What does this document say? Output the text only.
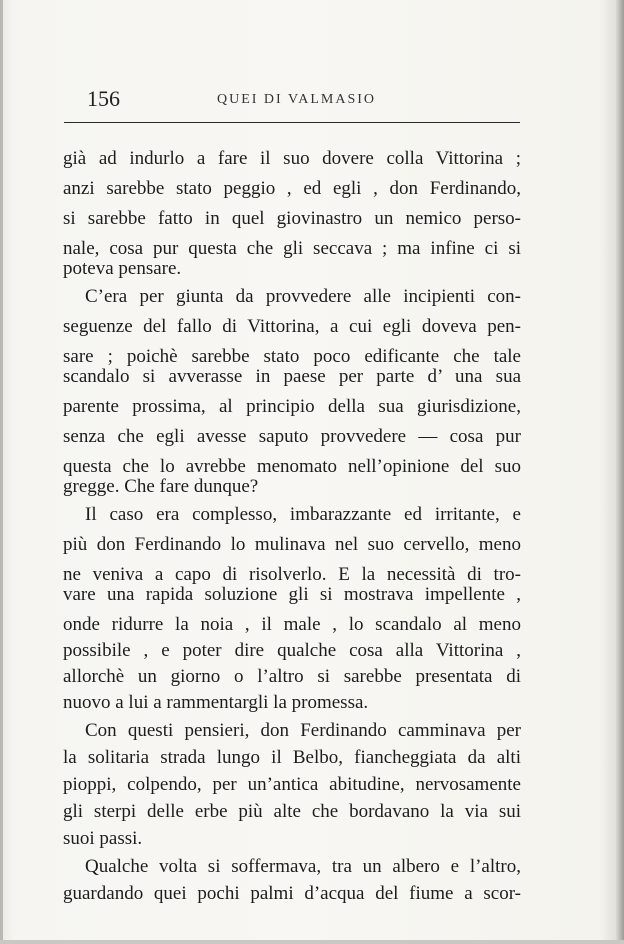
156	QUEI DI VALMASIO
già ad indurlo a fare il suo dovere colla Vittorina ;
anzi sarebbe stato peggio , ed egli , don Ferdinando,
si sarebbe fatto in quel giovinastro un nemico perso-
nale, cosa pur questa che gli seccava ; ma infine ci si
poteva pensare.
C’era per giunta da provvedere alle incipienti con-
seguenze del fallo di Vittorina, a cui egli doveva pen-
sare ; poichè sarebbe stato poco edificante che tale
scandalo si avverasse in paese per parte d’ una sua
parente prossima, al principio della sua giurisdizione,
senza che egli avesse saputo provvedere — cosa pur
questa che lo avrebbe menomato nell’opinione del suo
gregge. Che fare dunque?
Il caso era complesso, imbarazzante ed irritante, e
più don Ferdinando lo mulinava nel suo cervello, meno
ne veniva a capo di risolverlo. E la necessità di tro-
vare una rapida soluzione gli si mostrava impellente ,
onde ridurre la noia , il male , lo scandalo al meno
possibile , e poter dire qualche cosa alla Vittorina ,
allorchè un giorno o l’altro si sarebbe presentata di
nuovo a lui a rammentargli la promessa.
Con questi pensieri, don Ferdinando camminava per
la solitaria strada lungo il Belbo, fiancheggiata da alti
pioppi, colpendo, per un’antica abitudine, nervosamente
gli sterpi delle erbe più alte che bordavano la via sui
suoi passi.
Qualche volta si soffermava, tra un albero e l’altro,
guardando quei pochi palmi d’acqua del fiume a scor-
